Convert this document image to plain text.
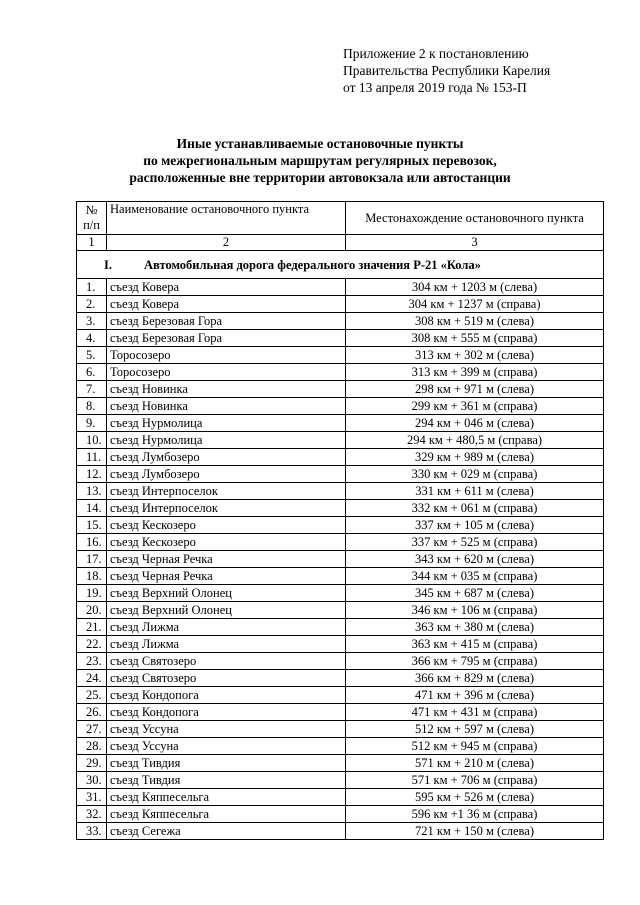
Приложение 2 к постановлению
Правительства Республики Карелия
от 13 апреля 2019 года № 153-П
Иные устанавливаемые остановочные пункты
по межрегиональным маршрутам регулярных перевозок,
расположенные вне территории автовокзала или автостанции
№
п/п	Наименование остановочного пункта	Местонахождение остановочного пункта
1	2	3
I. Автомобильная дорога федерального значения Р-21 «Кола»		
1.	съезд Ковера	304 км + 1203 м (слева)
2.	съезд Ковера	304 км + 1237 м (справа)
3.	съезд Березовая Гора	308 км + 519 м (слева)
4.	съезд Березовая Гора	308 км + 555 м (справа)
5.	Торосозеро	313 км + 302 м (слева)
6.	Торосозеро	313 км + 399 м (справа)
7.	съезд Новинка	298 км + 971 м (слева)
8.	съезд Новинка	299 км + 361 м (справа)
9.	съезд Нурмолица	294 км + 046 м (слева)
10.	съезд Нурмолица	294 км + 480,5 м (справа)
11.	съезд Лумбозеро	329 км + 989 м (слева)
12.	съезд Лумбозеро	330 км + 029 м (справа)
13.	съезд Интерпоселок	331 км + 611 м (слева)
14.	съезд Интерпоселок	332 км + 061 м (справа)
15.	съезд Кескозеро	337 км + 105 м (слева)
16.	съезд Кескозеро	337 км + 525 м (справа)
17.	съезд Черная Речка	343 км + 620 м (слева)
18.	съезд Черная Речка	344 км + 035 м (справа)
19.	съезд Верхний Олонец	345 км + 687 м (слева)
20.	съезд Верхний Олонец	346 км + 106 м (справа)
21.	съезд Лижма	363 км + 380 м (слева)
22.	съезд Лижма	363 км + 415 м (справа)
23.	съезд Святозеро	366 км + 795 м (справа)
24.	съезд Святозеро	366 км + 829 м (слева)
25.	съезд Кондопога	471 км + 396 м (слева)
26.	съезд Кондопога	471 км + 431 м (справа)
27.	съезд Уссуна	512 км + 597 м (слева)
28.	съезд Уссуна	512 км + 945 м (справа)
29.	съезд Тивдия	571 км + 210 м (слева)
30.	съезд Тивдия	571 км + 706 м (справа)
31.	съезд Кяппесельга	595 км + 526 м (слева)
32.	съезд Кяппесельга	596 км +1 36 м (справа)
33.	съезд Сегежа	721 км + 150 м (слева)
